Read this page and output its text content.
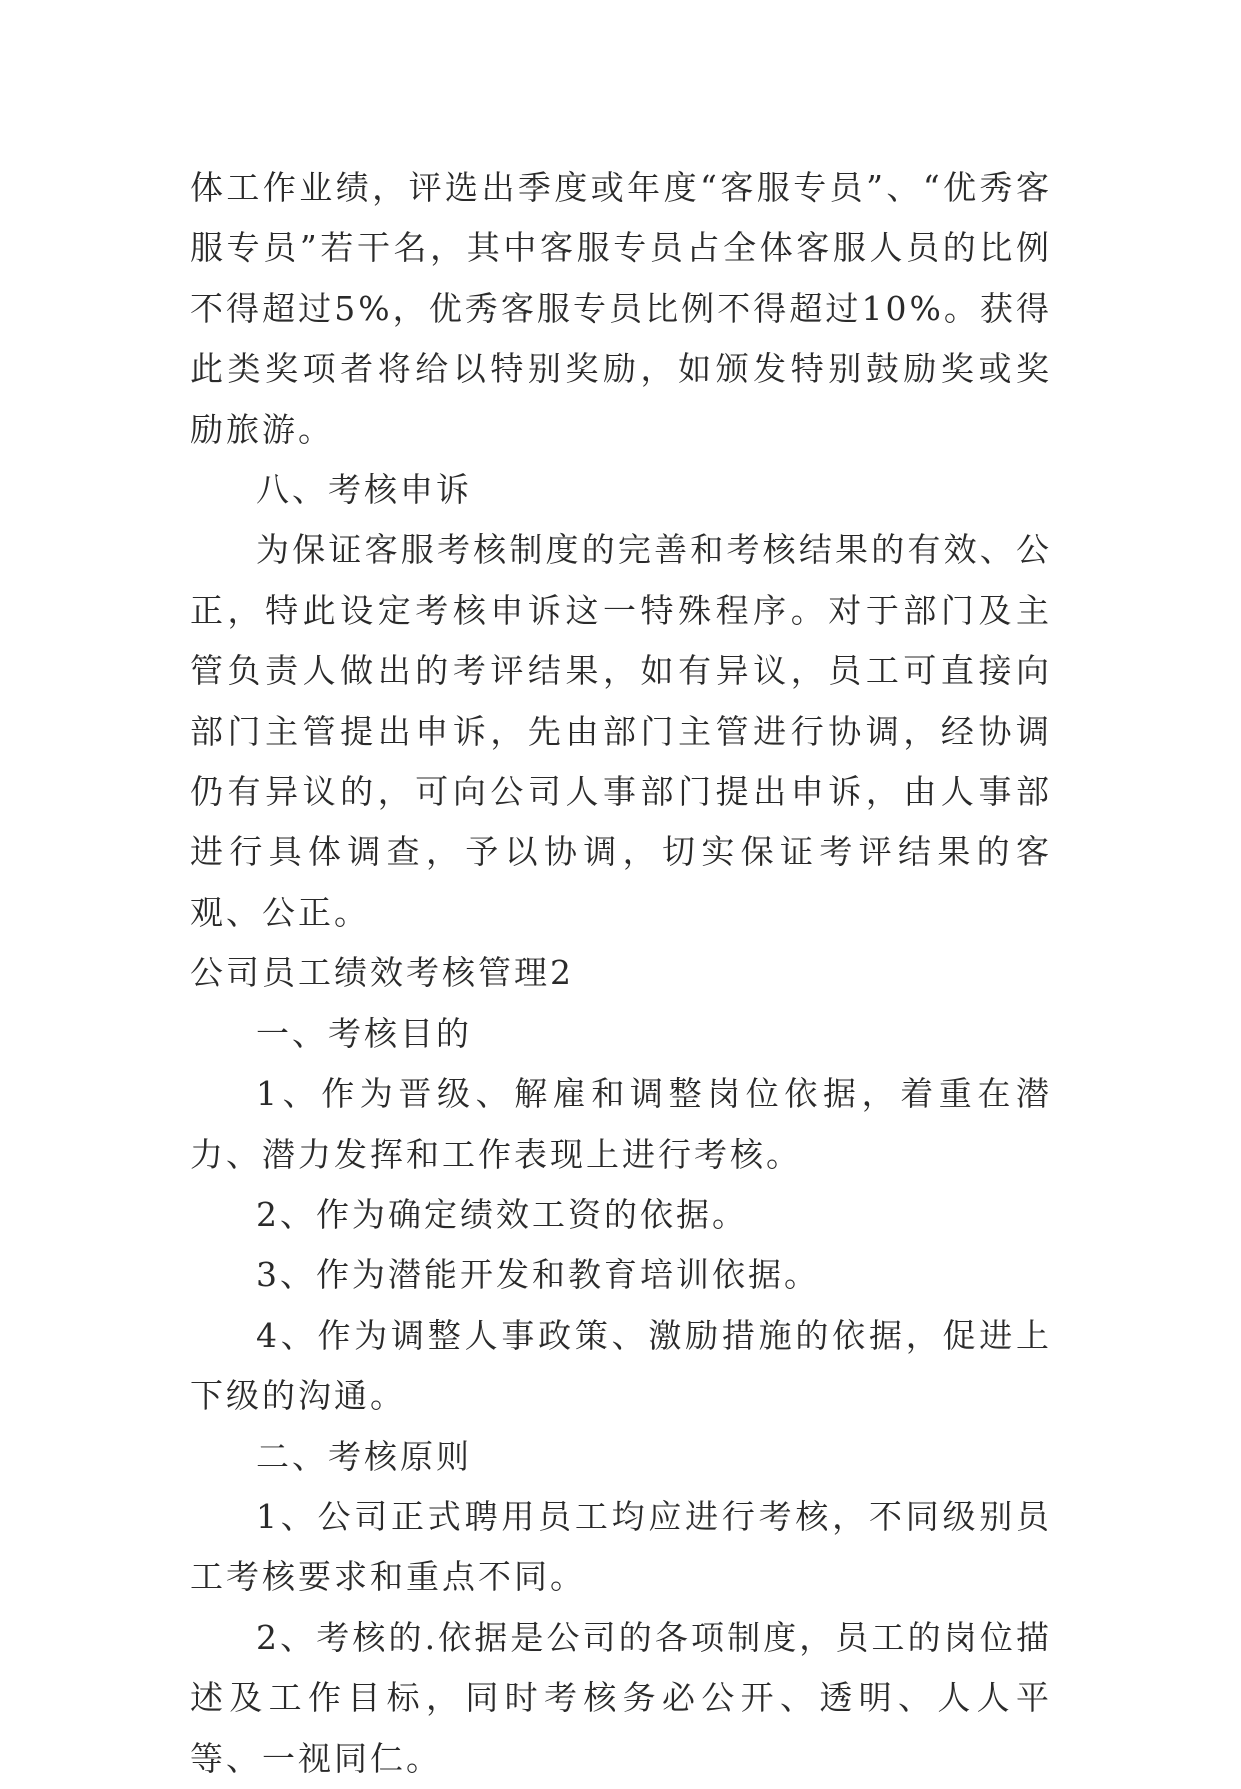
体工作业绩，评选出季度或年度“客服专员”、“优秀客服专员”若干名，其中客服专员占全体客服人员的比例不得超过5%，优秀客服专员比例不得超过10%。获得此类奖项者将给以特别奖励，如颁发特别鼓励奖或奖励旅游。

八、考核申诉

为保证客服考核制度的完善和考核结果的有效、公正，特此设定考核申诉这一特殊程序。对于部门及主管负责人做出的考评结果，如有异议，员工可直接向部门主管提出申诉，先由部门主管进行协调，经协调仍有异议的，可向公司人事部门提出申诉，由人事部进行具体调查，予以协调，切实保证考评结果的客观、公正。

公司员工绩效考核管理2

一、考核目的

1、作为晋级、解雇和调整岗位依据，着重在潜力、潜力发挥和工作表现上进行考核。

2、作为确定绩效工资的依据。

3、作为潜能开发和教育培训依据。

4、作为调整人事政策、激励措施的依据，促进上下级的沟通。

二、考核原则

1、公司正式聘用员工均应进行考核，不同级别员工考核要求和重点不同。

2、考核的.依据是公司的各项制度，员工的岗位描述及工作目标，同时考核务必公开、透明、人人平等、一视同仁。
